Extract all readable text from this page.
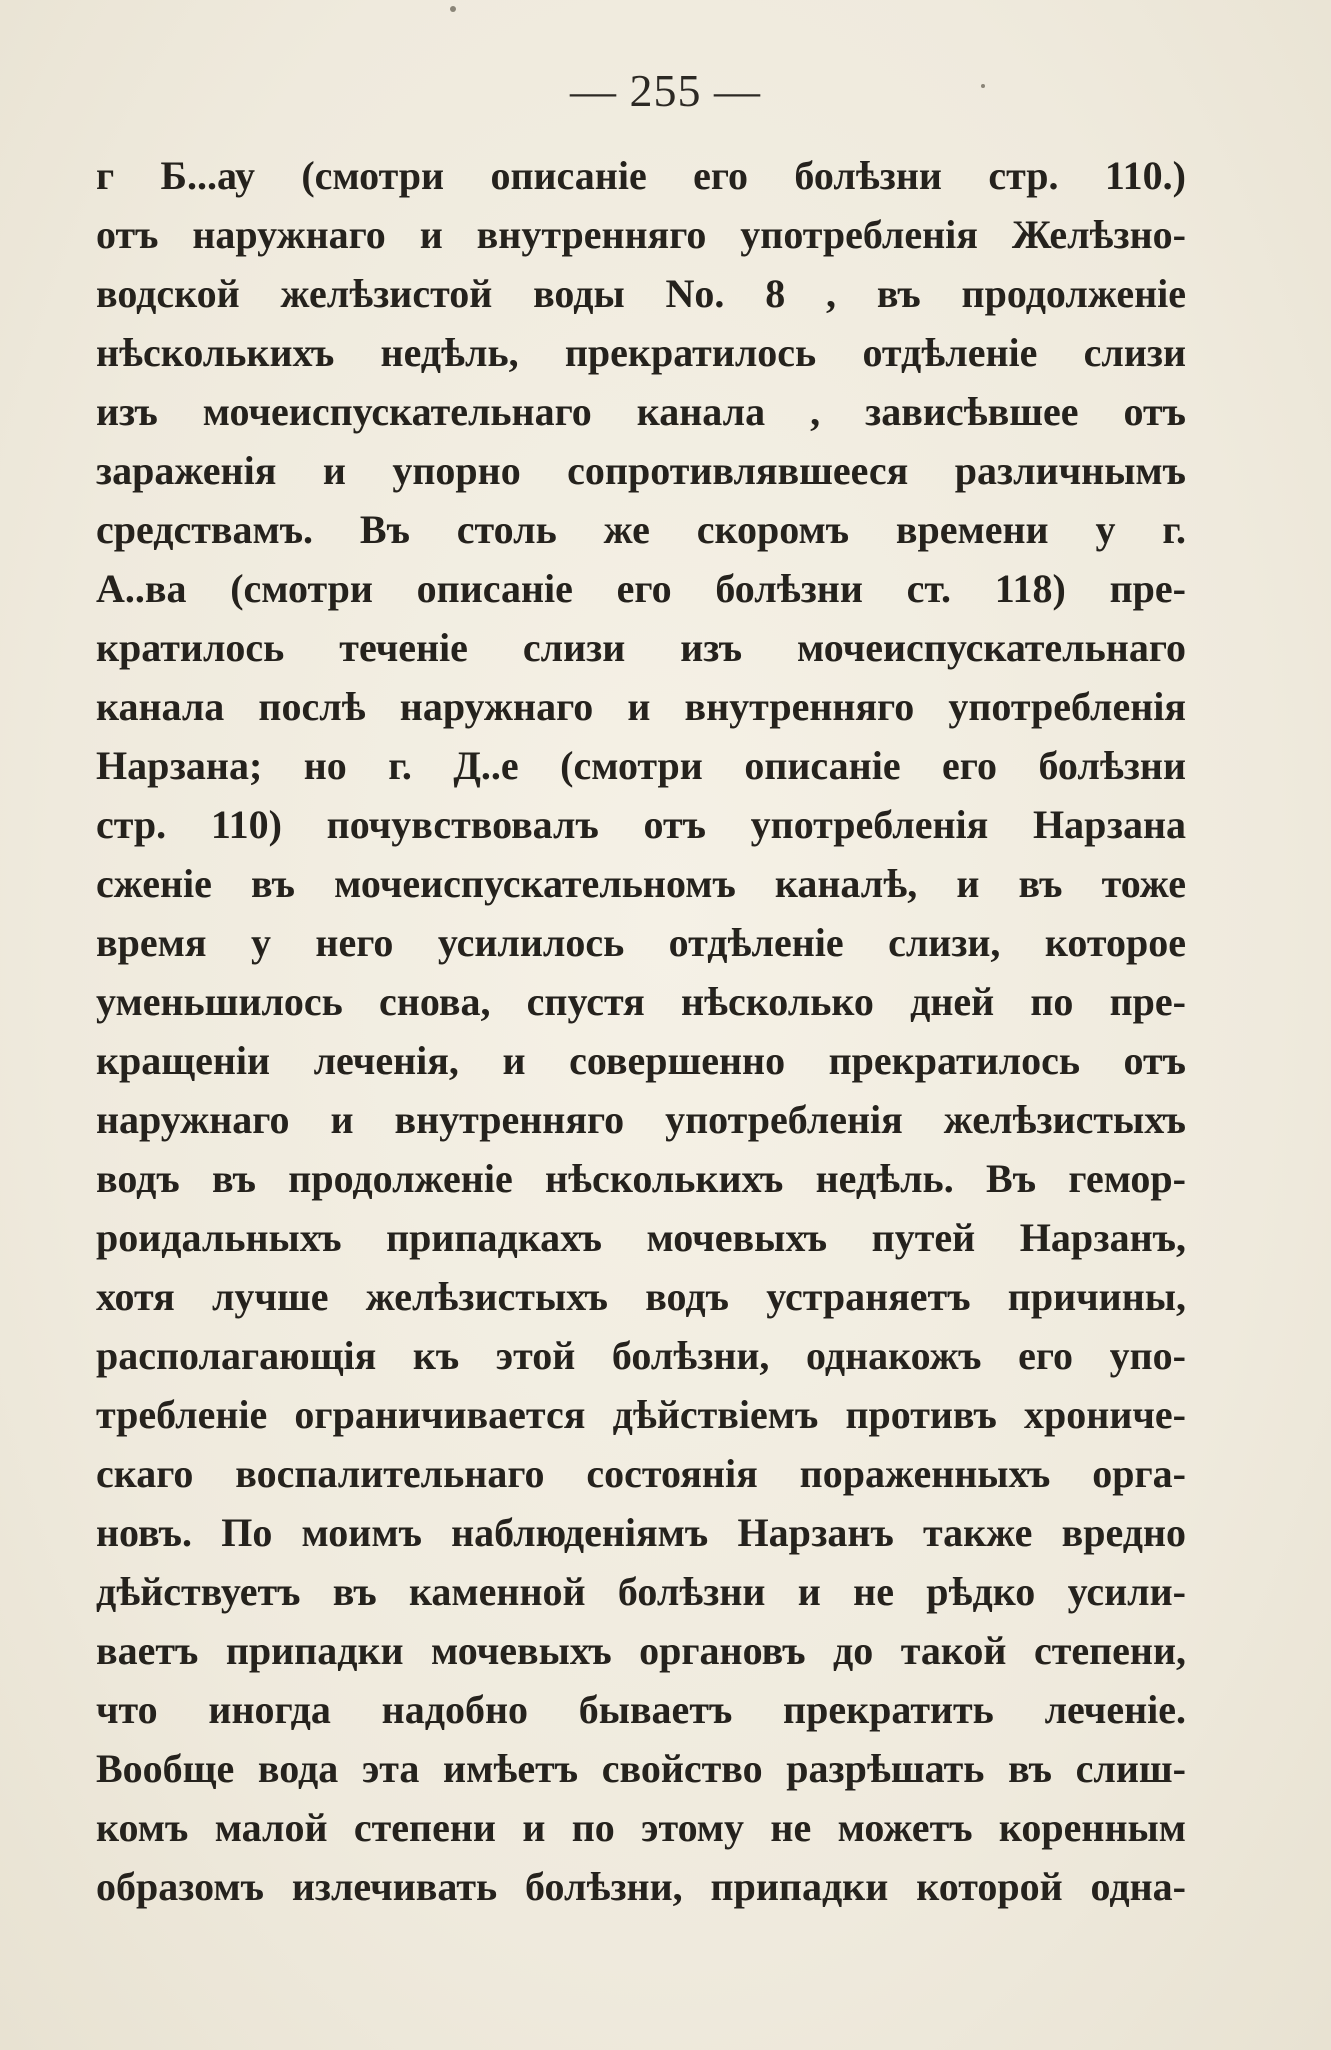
— 255 —
г Б...ау (смотри описаніе его болѣзни стр. 110.)
отъ наружнаго и внутренняго употребленія Желѣзно-
водской желѣзистой воды No. 8 , въ продолженіе
нѣсколькихъ недѣль, прекратилось отдѣленіе слизи
изъ мочеиспускательнаго канала , зависѣвшее отъ
зараженія и упорно сопротивлявшееся различнымъ
средствамъ. Въ столь же скоромъ времени у г.
А..ва (смотри описаніе его болѣзни ст. 118) пре-
кратилось теченіе слизи изъ мочеиспускательнаго
канала послѣ наружнаго и внутренняго употребленія
Нарзана; но г. Д..е (смотри описаніе его болѣзни
стр. 110) почувствовалъ отъ употребленія Нарзана
сженіе въ мочеиспускательномъ каналѣ, и въ тоже
время у него усилилось отдѣленіе слизи, которое
уменьшилось снова, спустя нѣсколько дней по пре-
кращеніи леченія, и совершенно прекратилось отъ
наружнаго и внутренняго употребленія желѣзистыхъ
водъ въ продолженіе нѣсколькихъ недѣль. Въ гемор-
роидальныхъ припадкахъ мочевыхъ путей Нарзанъ,
хотя лучше желѣзистыхъ водъ устраняетъ причины,
располагающія къ этой болѣзни, однакожъ его упо-
требленіе ограничивается дѣйствіемъ противъ хрониче-
скаго воспалительнаго состоянія пораженныхъ орга-
новъ. По моимъ наблюденіямъ Нарзанъ также вредно
дѣйствуетъ въ каменной болѣзни и не рѣдко усили-
ваетъ припадки мочевыхъ органовъ до такой степени,
что иногда надобно бываетъ прекратить леченіе.
Вообще вода эта имѣетъ свойство разрѣшать въ слиш-
комъ малой степени и по этому не можетъ коренным
образомъ излечивать болѣзни, припадки которой одна-
